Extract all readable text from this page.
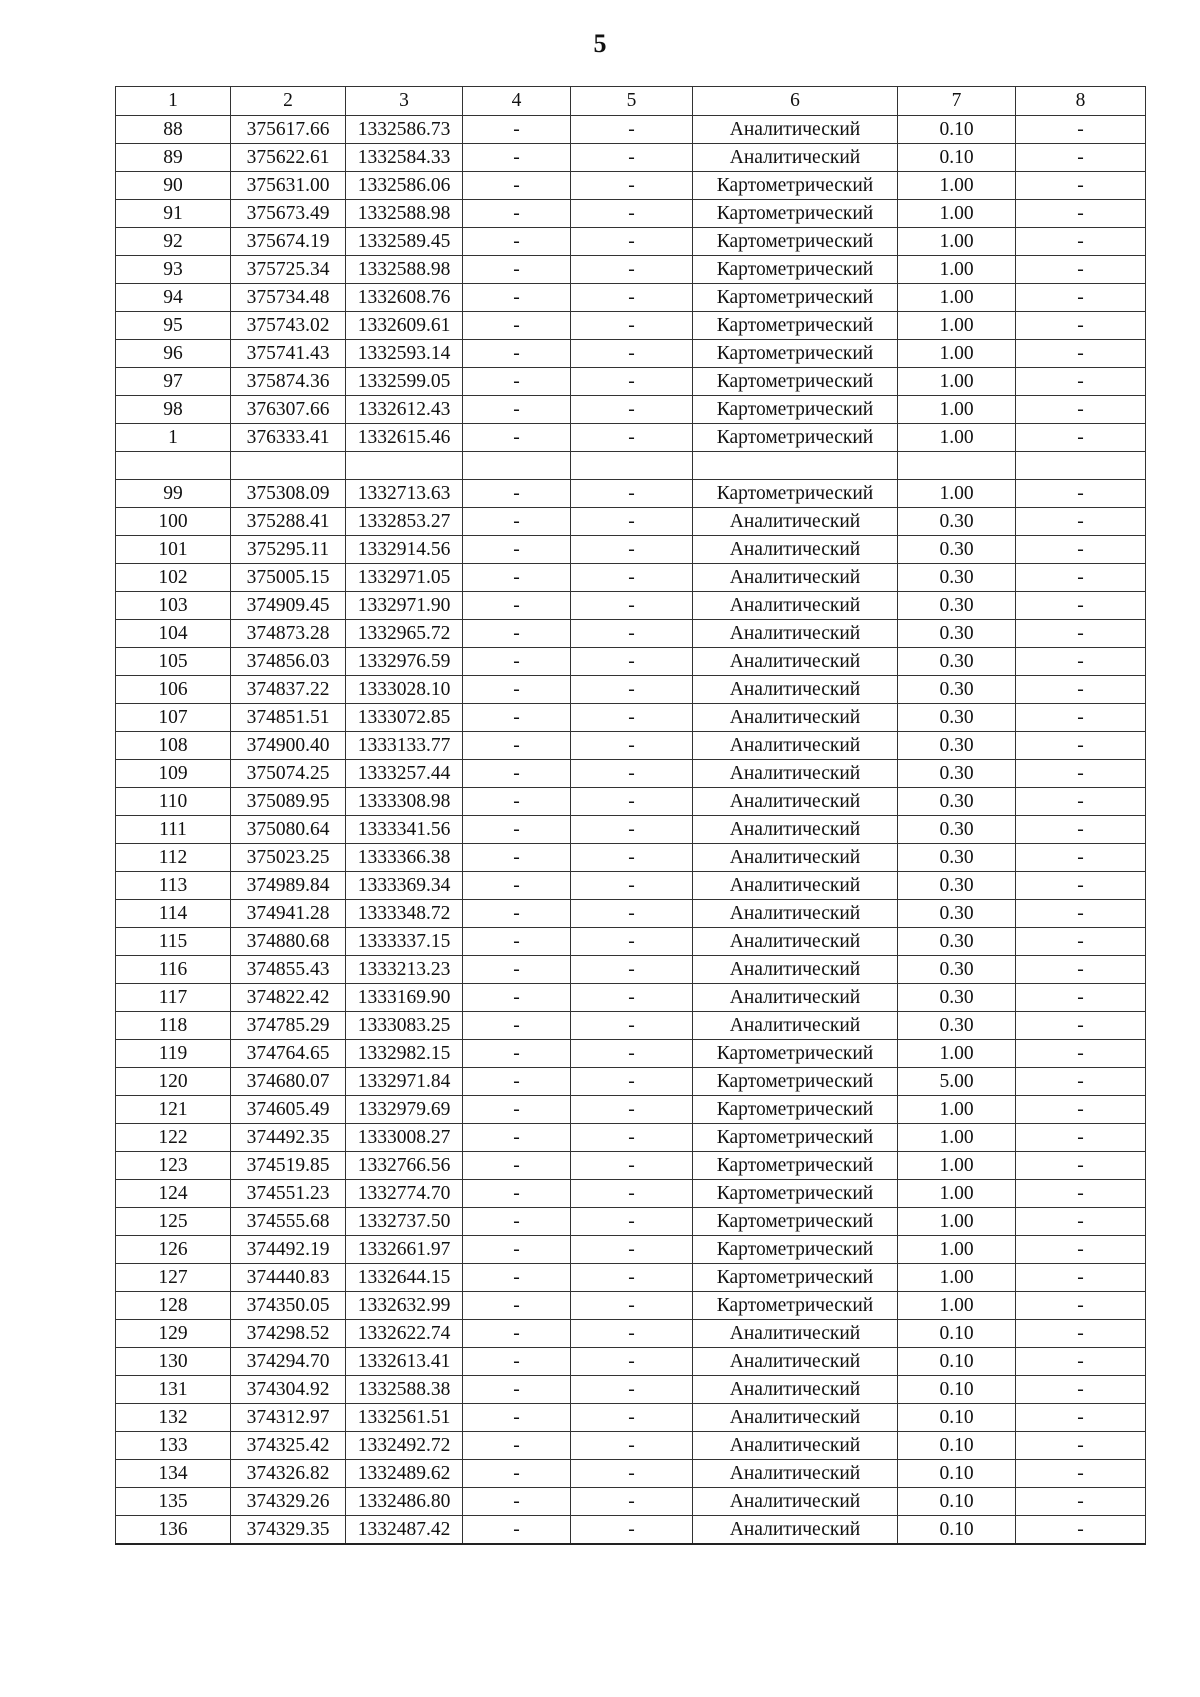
5
1	2	3	4	5	6	7	8
88	375617.66	1332586.73	-	-	Аналитический	0.10	-
89	375622.61	1332584.33	-	-	Аналитический	0.10	-
90	375631.00	1332586.06	-	-	Картометрический	1.00	-
91	375673.49	1332588.98	-	-	Картометрический	1.00	-
92	375674.19	1332589.45	-	-	Картометрический	1.00	-
93	375725.34	1332588.98	-	-	Картометрический	1.00	-
94	375734.48	1332608.76	-	-	Картометрический	1.00	-
95	375743.02	1332609.61	-	-	Картометрический	1.00	-
96	375741.43	1332593.14	-	-	Картометрический	1.00	-
97	375874.36	1332599.05	-	-	Картометрический	1.00	-
98	376307.66	1332612.43	-	-	Картометрический	1.00	-
1	376333.41	1332615.46	-	-	Картометрический	1.00	-

99	375308.09	1332713.63	-	-	Картометрический	1.00	-
100	375288.41	1332853.27	-	-	Аналитический	0.30	-
101	375295.11	1332914.56	-	-	Аналитический	0.30	-
102	375005.15	1332971.05	-	-	Аналитический	0.30	-
103	374909.45	1332971.90	-	-	Аналитический	0.30	-
104	374873.28	1332965.72	-	-	Аналитический	0.30	-
105	374856.03	1332976.59	-	-	Аналитический	0.30	-
106	374837.22	1333028.10	-	-	Аналитический	0.30	-
107	374851.51	1333072.85	-	-	Аналитический	0.30	-
108	374900.40	1333133.77	-	-	Аналитический	0.30	-
109	375074.25	1333257.44	-	-	Аналитический	0.30	-
110	375089.95	1333308.98	-	-	Аналитический	0.30	-
111	375080.64	1333341.56	-	-	Аналитический	0.30	-
112	375023.25	1333366.38	-	-	Аналитический	0.30	-
113	374989.84	1333369.34	-	-	Аналитический	0.30	-
114	374941.28	1333348.72	-	-	Аналитический	0.30	-
115	374880.68	1333337.15	-	-	Аналитический	0.30	-
116	374855.43	1333213.23	-	-	Аналитический	0.30	-
117	374822.42	1333169.90	-	-	Аналитический	0.30	-
118	374785.29	1333083.25	-	-	Аналитический	0.30	-
119	374764.65	1332982.15	-	-	Картометрический	1.00	-
120	374680.07	1332971.84	-	-	Картометрический	5.00	-
121	374605.49	1332979.69	-	-	Картометрический	1.00	-
122	374492.35	1333008.27	-	-	Картометрический	1.00	-
123	374519.85	1332766.56	-	-	Картометрический	1.00	-
124	374551.23	1332774.70	-	-	Картометрический	1.00	-
125	374555.68	1332737.50	-	-	Картометрический	1.00	-
126	374492.19	1332661.97	-	-	Картометрический	1.00	-
127	374440.83	1332644.15	-	-	Картометрический	1.00	-
128	374350.05	1332632.99	-	-	Картометрический	1.00	-
129	374298.52	1332622.74	-	-	Аналитический	0.10	-
130	374294.70	1332613.41	-	-	Аналитический	0.10	-
131	374304.92	1332588.38	-	-	Аналитический	0.10	-
132	374312.97	1332561.51	-	-	Аналитический	0.10	-
133	374325.42	1332492.72	-	-	Аналитический	0.10	-
134	374326.82	1332489.62	-	-	Аналитический	0.10	-
135	374329.26	1332486.80	-	-	Аналитический	0.10	-
136	374329.35	1332487.42	-	-	Аналитический	0.10	-
